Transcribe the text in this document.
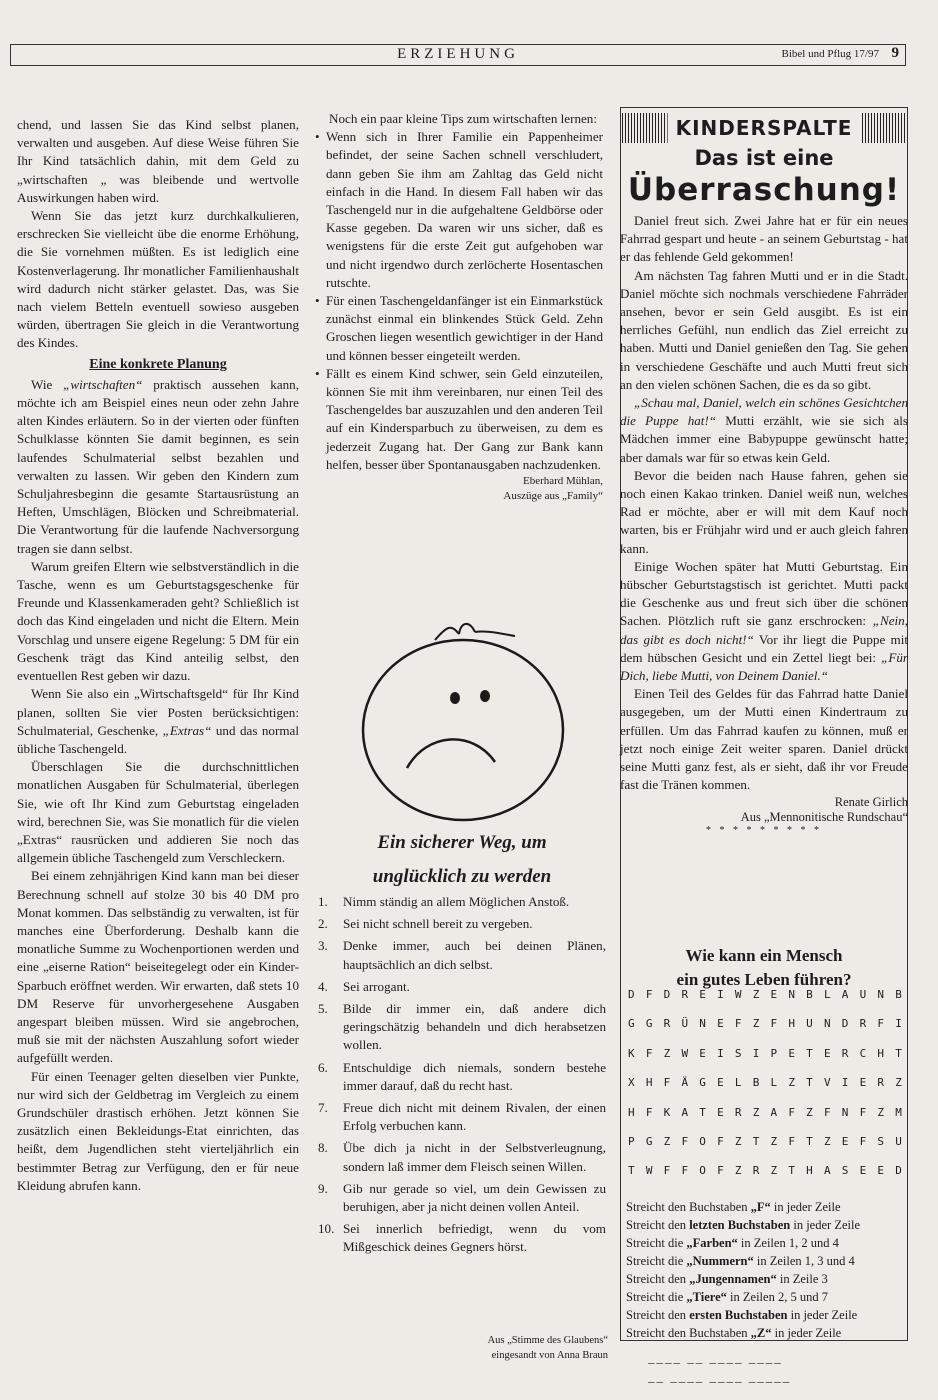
ERZIEHUNG	Bibel und Pflug 17/97 9

chend, und lassen Sie das Kind selbst planen, verwalten und ausgeben. Auf diese Weise führen Sie Ihr Kind tatsächlich dahin, mit dem Geld zu „wirtschaften „ was bleibende und wertvolle Auswirkungen haben wird.

Wenn Sie das jetzt kurz durchkalkulieren, erschrecken Sie vielleicht übe die enorme Erhöhung, die Sie vornehmen müßten. Es ist lediglich eine Kostenverlagerung. Ihr monatlicher Familienhaushalt wird dadurch nicht stärker gelastet. Das, was Sie nach vielem Betteln eventuell sowieso ausgeben würden, übertragen Sie gleich in die Verantwortung des Kindes.

Eine konkrete Planung

Wie „wirtschaften“ praktisch aussehen kann, möchte ich am Beispiel eines neun oder zehn Jahre alten Kindes erläutern. So in der vierten oder fünften Schulklasse könnten Sie damit beginnen, es sein laufendes Schulmaterial selbst bezahlen und verwalten zu lassen. Wir geben den Kindern zum Schuljahresbeginn die gesamte Startausrüstung an Heften, Umschlägen, Blöcken und Schreibmaterial. Die Verantwortung für die laufende Nachversorgung tragen sie dann selbst.

Warum greifen Eltern wie selbstverständlich in die Tasche, wenn es um Geburtstagsgeschenke für Freunde und Klassenkameraden geht? Schließlich ist doch das Kind eingeladen und nicht die Eltern. Mein Vorschlag und unsere eigene Regelung: 5 DM für ein Geschenk trägt das Kind anteilig selbst, den eventuellen Rest geben wir dazu.

Wenn Sie also ein „Wirtschaftsgeld“ für Ihr Kind planen, sollten Sie vier Posten berücksichtigen: Schulmaterial, Geschenke, „Extras“ und das normal übliche Taschengeld.

Überschlagen Sie die durchschnittlichen monatlichen Ausgaben für Schulmaterial, überlegen Sie, wie oft Ihr Kind zum Geburtstag eingeladen wird, berechnen Sie, was Sie monatlich für die vielen „Extras“ rausrücken und addieren Sie noch das allgemein übliche Taschengeld zum Verschleckern.

Bei einem zehnjährigen Kind kann man bei dieser Berechnung schnell auf stolze 30 bis 40 DM pro Monat kommen. Das selbständig zu verwalten, ist für manches eine Überforderung. Deshalb kann die monatliche Summe zu Wochenportionen werden und eine „eiserne Ration“ beiseitegelegt oder ein Kinder-Sparbuch eröffnet werden. Wir erwarten, daß stets 10 DM Reserve für unvorhergesehene Ausgaben angespart bleiben müssen. Wird sie angebrochen, muß sie mit der nächsten Auszahlung sofort wieder aufgefüllt werden.

Für einen Teenager gelten dieselben vier Punkte, nur wird sich der Geldbetrag im Vergleich zu einem Grundschüler drastisch erhöhen. Jetzt können Sie zusätzlich einen Bekleidungs-Etat einrichten, das heißt, dem Jugendlichen steht vierteljährlich ein bestimmter Betrag zur Verfügung, den er für neue Kleidung abrufen kann.

Noch ein paar kleine Tips zum wirtschaften lernen:

• Wenn sich in Ihrer Familie ein Pappenheimer befindet, der seine Sachen schnell verschludert, dann geben Sie ihm am Zahltag das Geld nicht einfach in die Hand. In diesem Fall haben wir das Taschengeld nur in die aufgehaltene Geldbörse oder Kasse gegeben. Da waren wir uns sicher, daß es wenigstens für die erste Zeit gut aufgehoben war und nicht irgendwo durch zerlöcherte Hosentaschen rutschte.
• Für einen Taschengeldanfänger ist ein Einmarkstück zunächst einmal ein blinkendes Stück Geld. Zehn Groschen liegen wesentlich gewichtiger in der Hand und können besser eingeteilt werden.
• Fällt es einem Kind schwer, sein Geld einzuteilen, können Sie mit ihm vereinbaren, nur einen Teil des Taschengeldes bar auszuzahlen und den anderen Teil auf ein Kindersparbuch zu überweisen, zu dem es jederzeit Zugang hat. Der Gang zur Bank kann helfen, besser über Spontanausgaben nachzudenken.
Eberhard Mühlan,
Auszüge aus „Family“
Ein sicherer Weg, um
unglücklich zu werden
1. Nimm ständig an allem Möglichen Anstoß.
2. Sei nicht schnell bereit zu vergeben.
3. Denke immer, auch bei deinen Plänen, hauptsächlich an dich selbst.
4. Sei arrogant.
5. Bilde dir immer ein, daß andere dich geringschätzig behandeln und dich herabsetzen wollen.
6. Entschuldige dich niemals, sondern bestehe immer darauf, daß du recht hast.
7. Freue dich nicht mit deinem Rivalen, der einen Erfolg verbuchen kann.
8. Übe dich ja nicht in der Selbstverleugnung, sondern laß immer dem Fleisch seinen Willen.
9. Gib nur gerade so viel, um dein Gewissen zu beruhigen, aber ja nicht deinen vollen Anteil.
10. Sei innerlich befriedigt, wenn du vom Mißgeschick deines Gegners hörst.
Aus „Stimme des Glaubens“
eingesandt von Anna Braun
KINDERSPALTE
Das ist eine
Überraschung!

Daniel freut sich. Zwei Jahre hat er für ein neues Fahrrad gespart und heute - an seinem Geburtstag - hat er das fehlende Geld gekommen!

Am nächsten Tag fahren Mutti und er in die Stadt. Daniel möchte sich nochmals verschiedene Fahrräder ansehen, bevor er sein Geld ausgibt. Es ist ein herrliches Gefühl, nun endlich das Ziel erreicht zu haben. Mutti und Daniel genießen den Tag. Sie gehen in verschiedene Geschäfte und auch Mutti freut sich an den vielen schönen Sachen, die es da so gibt.

„Schau mal, Daniel, welch ein schönes Gesichtchen die Puppe hat!“ Mutti erzählt, wie sie sich als Mädchen immer eine Babypuppe gewünscht hatte; aber damals war für so etwas kein Geld.

Bevor die beiden nach Hause fahren, gehen sie noch einen Kakao trinken. Daniel weiß nun, welches Rad er möchte, aber er will mit dem Kauf noch warten, bis er Frühjahr wird und er auch gleich fahren kann.

Einige Wochen später hat Mutti Geburtstag. Ein hübscher Geburtstagstisch ist gerichtet. Mutti packt die Geschenke aus und freut sich über die schönen Sachen. Plötzlich ruft sie ganz erschrocken: „Nein, das gibt es doch nicht!“ Vor ihr liegt die Puppe mit dem hübschen Gesicht und ein Zettel liegt bei: „Für Dich, liebe Mutti, von Deinem Daniel.“

Einen Teil des Geldes für das Fahrrad hatte Daniel ausgegeben, um der Mutti einen Kindertraum zu erfüllen. Um das Fahrrad kaufen zu können, muß er jetzt noch einige Zeit weiter sparen. Daniel drückt seine Mutti ganz fest, als er sieht, daß ihr vor Freude fast die Tränen kommen.

Renate Girlich
Aus „Mennonitische Rundschau“
* * * * * * * * *
Wie kann ein Mensch
ein gutes Leben führen?
D F D R E I W Z E N B L A U N B
G G R Ü N E F Z F H U N D R F I
K F Z W E I S I P E T E R C H T
X H F Ä G E L B L Z T V I E R Z
H F K A T E R Z A F Z F N F Z M
P G Z F O F Z T Z F T Z E F S U
T W F F O F Z R Z T H A S E E D
Streicht den Buchstaben „F“ in jeder Zeile
Streicht den letzten Buchstaben in jeder Zeile
Streicht die „Farben“ in Zeilen 1, 2 und 4
Streicht die „Nummern“ in Zeilen 1, 3 und 4
Streicht den „Jungennamen“ in Zeile 3
Streicht die „Tiere“ in Zeilen 2, 5 und 7
Streicht den ersten Buchstaben in jeder Zeile
Streicht den Buchstaben „Z“ in jeder Zeile
____ __ ____ ____
__ ____ ____ _____
